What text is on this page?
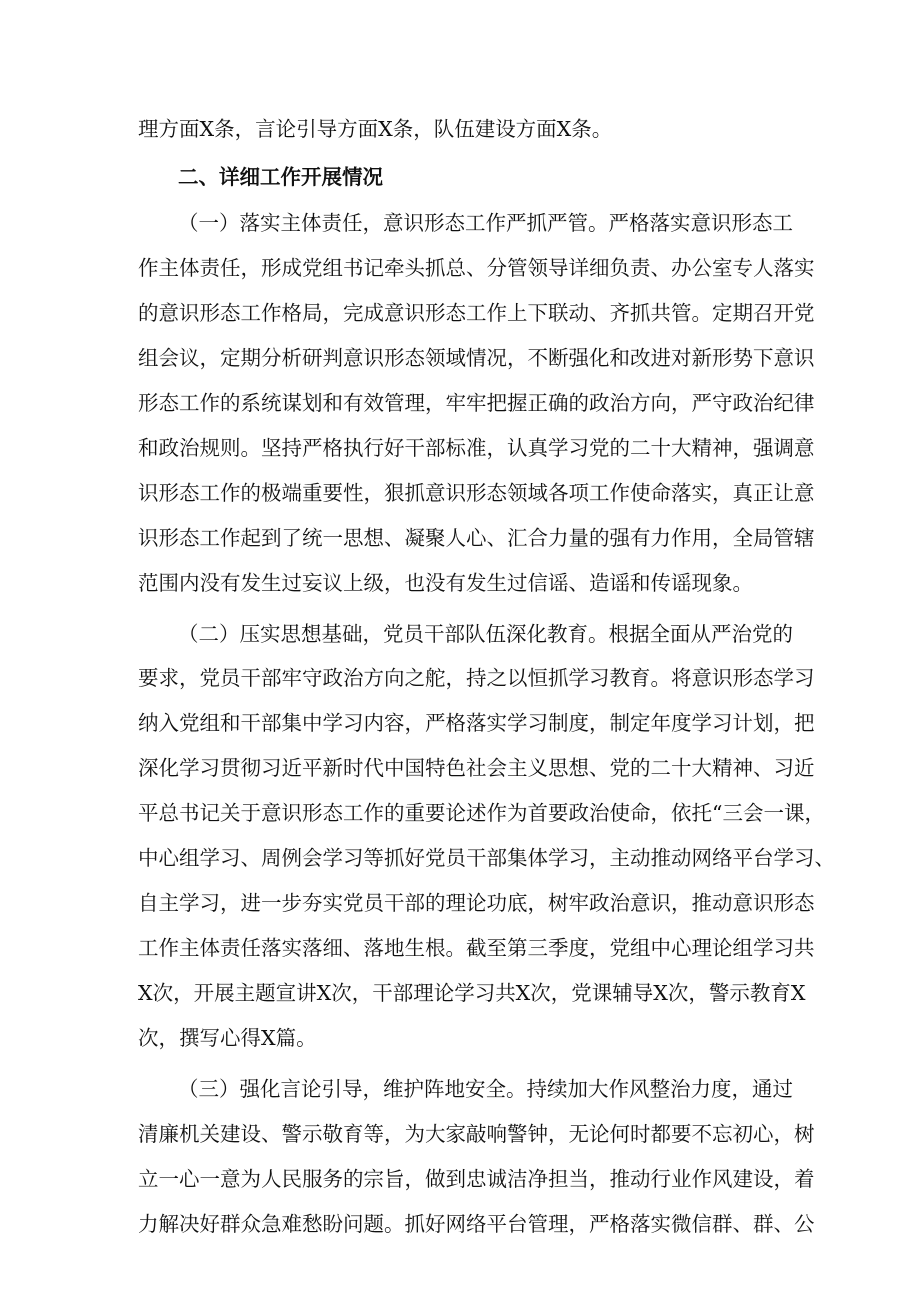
理方面X条，言论引导方面X条，队伍建设方面X条。
二、详细工作开展情况
（一）落实主体责任，意识形态工作严抓严管。严格落实意识形态工
作主体责任，形成党组书记牵头抓总、分管领导详细负责、办公室专人落实
的意识形态工作格局，完成意识形态工作上下联动、齐抓共管。定期召开党
组会议，定期分析研判意识形态领域情况，不断强化和改进对新形势下意识
形态工作的系统谋划和有效管理，牢牢把握正确的政治方向，严守政治纪律
和政治规则。坚持严格执行好干部标准，认真学习党的二十大精神，强调意
识形态工作的极端重要性，狠抓意识形态领域各项工作使命落实，真正让意
识形态工作起到了统一思想、凝聚人心、汇合力量的强有力作用，全局管辖
范围内没有发生过妄议上级，也没有发生过信谣、造谣和传谣现象。
（二）压实思想基础，党员干部队伍深化教育。根据全面从严治党的
要求，党员干部牢守政治方向之舵，持之以恒抓学习教育。将意识形态学习
纳入党组和干部集中学习内容，严格落实学习制度，制定年度学习计划，把
深化学习贯彻习近平新时代中国特色社会主义思想、党的二十大精神、习近
平总书记关于意识形态工作的重要论述作为首要政治使命，依托“三会一课，
中心组学习、周例会学习等抓好党员干部集体学习，主动推动网络平台学习、
自主学习，进一步夯实党员干部的理论功底，树牢政治意识，推动意识形态
工作主体责任落实落细、落地生根。截至第三季度，党组中心理论组学习共
X次，开展主题宣讲X次，干部理论学习共X次，党课辅导X次，警示教育X
次，撰写心得X篇。
（三）强化言论引导，维护阵地安全。持续加大作风整治力度，通过
清廉机关建设、警示敬育等，为大家敲响警钟，无论何时都要不忘初心，树
立一心一意为人民服务的宗旨，做到忠诚洁净担当，推动行业作风建设，着
力解决好群众急难愁盼问题。抓好网络平台管理，严格落实微信群、群、公
